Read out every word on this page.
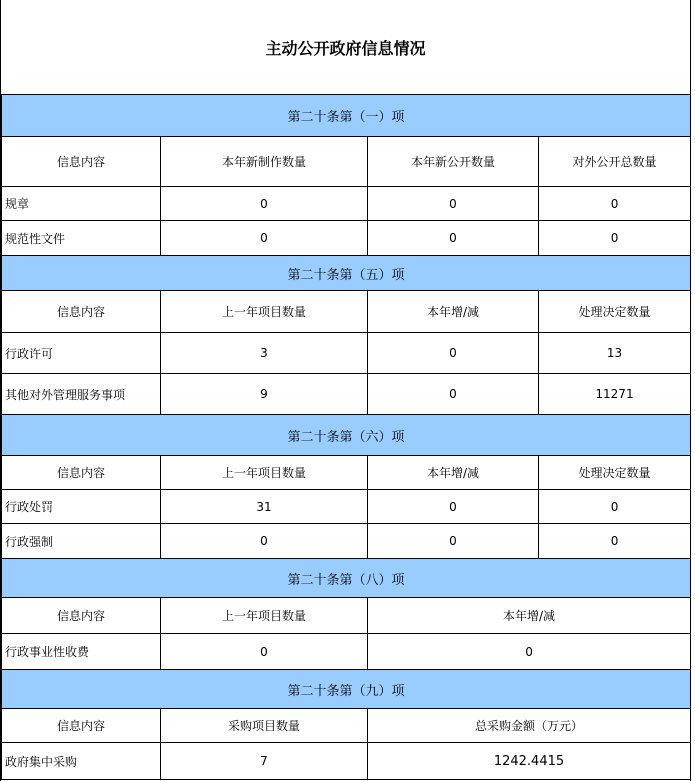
主动公开政府信息情况
第二十条第（一）项			
信息内容	本年新制作数量	本年新公开数量	对外公开总数量
规章	0	0	0
规范性文件	0	0	0
第二十条第（五）项			
信息内容	上一年项目数量	本年增/减	处理决定数量
行政许可	3	0	13
其他对外管理服务事项	9	0	11271
第二十条第（六）项			
信息内容	上一年项目数量	本年增/减	处理决定数量
行政处罚	31	0	0
行政强制	0	0	0
第二十条第（八）项			
信息内容	上一年项目数量	本年增/减	
行政事业性收费	0	0	
第二十条第（九）项			
信息内容	采购项目数量	总采购金额（万元）	
政府集中采购	7	1242.4415	
